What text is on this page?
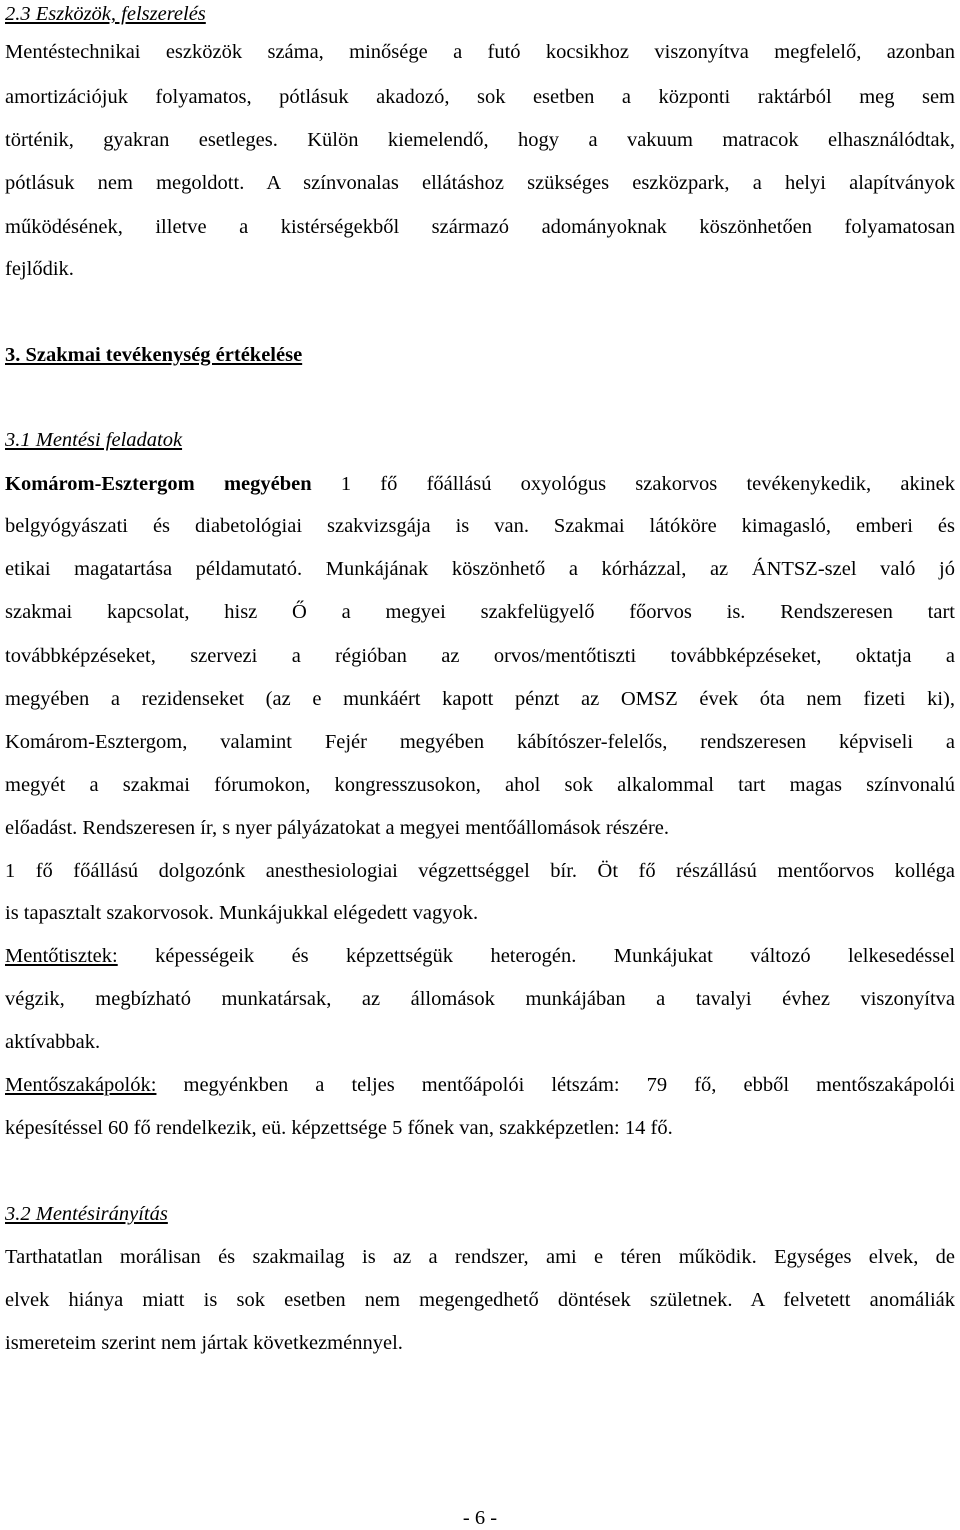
2.3 Eszközök, felszerelés
Mentéstechnikai eszközök száma, minősége a futó kocsikhoz viszonyítva megfelelő, azonban
amortizációjuk folyamatos, pótlásuk akadozó, sok esetben a központi raktárból meg sem
történik, gyakran esetleges. Külön kiemelendő, hogy a vakuum matracok elhasználódtak,
pótlásuk nem megoldott. A színvonalas ellátáshoz szükséges eszközpark, a helyi alapítványok
működésének, illetve a kistérségekből származó adományoknak köszönhetően folyamatosan
fejlődik.
3. Szakmai tevékenység értékelése
3.1 Mentési feladatok
Komárom-Esztergom megyében 1 fő főállású oxyológus szakorvos tevékenykedik, akinek
belgyógyászati és diabetológiai szakvizsgája is van. Szakmai látóköre kimagasló, emberi és
etikai magatartása példamutató. Munkájának köszönhető a kórházzal, az ÁNTSZ-szel való jó
szakmai kapcsolat, hisz Ő a megyei szakfelügyelő főorvos is. Rendszeresen tart
továbbképzéseket, szervezi a régióban az orvos/mentőtiszti továbbképzéseket, oktatja a
megyében a rezidenseket (az e munkáért kapott pénzt az OMSZ évek óta nem fizeti ki),
Komárom-Esztergom, valamint Fejér megyében kábítószer-felelős, rendszeresen képviseli a
megyét a szakmai fórumokon, kongresszusokon, ahol sok alkalommal tart magas színvonalú
előadást. Rendszeresen ír, s nyer pályázatokat a megyei mentőállomások részére.
1 fő főállású dolgozónk anesthesiologiai végzettséggel bír. Öt fő részállású mentőorvos kollégа
is tapasztalt szakorvosok. Munkájukkal elégedett vagyok.
Mentőtisztek: képességeik és képzettségük heterogén. Munkájukat változó lelkesedéssel
végzik, megbízható munkatársak, az állomások munkájában a tavalyi évhez viszonyítva
aktívabbak.
Mentőszakápolók: megyénkben a teljes mentőápolói létszám: 79 fő, ebből mentőszakápolói
képesítéssel 60 fő rendelkezik, eü. képzettsége 5 főnek van, szakképzetlen: 14 fő.
3.2 Mentésirányítás
Tarthatatlan morálisan és szakmailag is az a rendszer, ami e téren működik. Egységes elvek, de
elvek hiánya miatt is sok esetben nem megengedhető döntések születnek. A felvetett anomáliák
ismereteim szerint nem jártak következménnyel.
- 6 -
